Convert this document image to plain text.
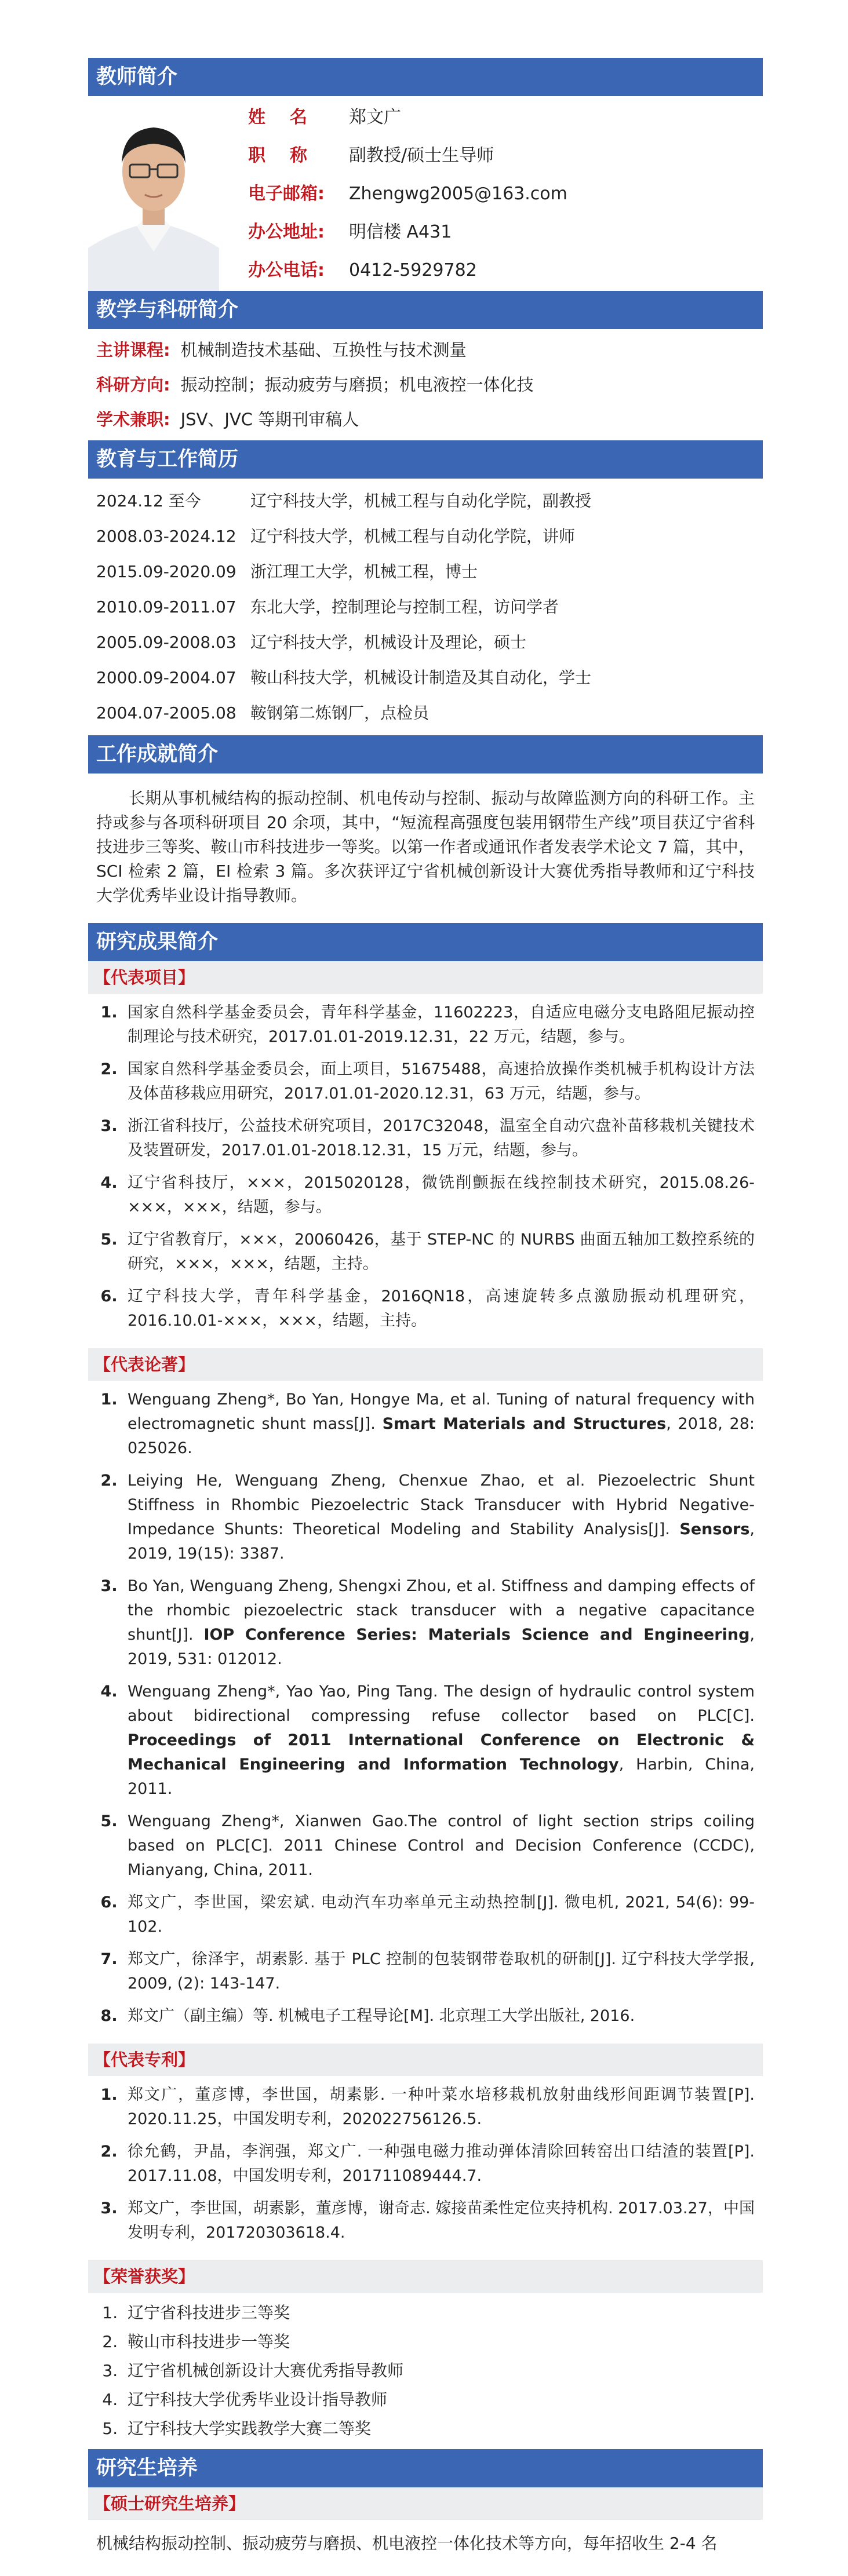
教师简介
姓名 郑文广
职称 副教授/硕士生导师
电子邮箱: Zhengwg2005@163.com
办公地址: 明信楼 A431
办公电话: 0412-5929782
教学与科研简介
主讲课程: 机械制造技术基础、互换性与技术测量
科研方向: 振动控制；振动疲劳与磨损；机电液控一体化技
学术兼职: JSV、JVC 等期刊审稿人
教育与工作简历
2024.12 至今	辽宁科技大学，机械工程与自动化学院，副教授
2008.03-2024.12 辽宁科技大学，机械工程与自动化学院，讲师
2015.09-2020.09 浙江理工大学，机械工程，博士
2010.09-2011.07 东北大学，控制理论与控制工程，访问学者
2005.09-2008.03 辽宁科技大学，机械设计及理论，硕士
2000.09-2004.07 鞍山科技大学，机械设计制造及其自动化，学士
2004.07-2005.08 鞍钢第二炼钢厂，点检员
工作成就简介
长期从事机械结构的振动控制、机电传动与控制、振动与故障监测方向的科研工作。主持或参与各项科研项目 20 余项，其中，“短流程高强度包装用钢带生产线”项目获辽宁省科技进步三等奖、鞍山市科技进步一等奖。以第一作者或通讯作者发表学术论文 7 篇，其中，SCI 检索 2 篇，EI 检索 3 篇。多次获评辽宁省机械创新设计大赛优秀指导教师和辽宁科技大学优秀毕业设计指导教师。
研究成果简介
【代表项目】
1. 国家自然科学基金委员会，青年科学基金，11602223，自适应电磁分支电路阻尼振动控制理论与技术研究，2017.01.01-2019.12.31，22 万元，结题，参与。
2. 国家自然科学基金委员会，面上项目，51675488，高速拾放操作类机械手机构设计方法及体苗移栽应用研究，2017.01.01-2020.12.31，63 万元，结题，参与。
3. 浙江省科技厅，公益技术研究项目，2017C32048，温室全自动穴盘补苗移栽机关键技术及装置研发，2017.01.01-2018.12.31，15 万元，结题，参与。
4. 辽宁省科技厅，×××，2015020128，微铣削颤振在线控制技术研究，2015.08.26-×××，×××，结题，参与。
5. 辽宁省教育厅，×××，20060426，基于 STEP-NC 的 NURBS 曲面五轴加工数控系统的研究，×××，×××，结题，主持。
6. 辽宁科技大学，青年科学基金，2016QN18，高速旋转多点激励振动机理研究，2016.10.01-×××，×××，结题，主持。
【代表论著】
1. Wenguang Zheng*, Bo Yan, Hongye Ma, et al. Tuning of natural frequency with electromagnetic shunt mass[J]. Smart Materials and Structures, 2018, 28: 025026.
2. Leiying He, Wenguang Zheng, Chenxue Zhao, et al. Piezoelectric Shunt Stiffness in Rhombic Piezoelectric Stack Transducer with Hybrid Negative-Impedance Shunts: Theoretical Modeling and Stability Analysis[J]. Sensors, 2019, 19(15): 3387.
3. Bo Yan, Wenguang Zheng, Shengxi Zhou, et al. Stiffness and damping effects of the rhombic piezoelectric stack transducer with a negative capacitance shunt[J]. IOP Conference Series: Materials Science and Engineering, 2019, 531: 012012.
4. Wenguang Zheng*, Yao Yao, Ping Tang. The design of hydraulic control system about bidirectional compressing refuse collector based on PLC[C]. Proceedings of 2011 International Conference on Electronic & Mechanical Engineering and Information Technology, Harbin, China, 2011.
5. Wenguang Zheng*, Xianwen Gao.The control of light section strips coiling based on PLC[C]. 2011 Chinese Control and Decision Conference (CCDC), Mianyang, China, 2011.
6. 郑文广，李世国，梁宏斌. 电动汽车功率单元主动热控制[J]. 微电机, 2021, 54(6): 99-102.
7. 郑文广，徐泽宇，胡素影. 基于 PLC 控制的包装钢带卷取机的研制[J]. 辽宁科技大学学报, 2009, (2): 143-147.
8. 郑文广（副主编）等. 机械电子工程导论[M]. 北京理工大学出版社, 2016.
【代表专利】
1. 郑文广，董彦博，李世国，胡素影. 一种叶菜水培移栽机放射曲线形间距调节装置[P]. 2020.11.25，中国发明专利，202022756126.5.
2. 徐允鹤，尹晶，李润强，郑文广. 一种强电磁力推动弹体清除回转窑出口结渣的装置[P]. 2017.11.08，中国发明专利，201711089444.7.
3. 郑文广，李世国，胡素影，董彦博，谢奇志. 嫁接苗柔性定位夹持机构. 2017.03.27，中国发明专利，201720303618.4.
【荣誉获奖】
1. 辽宁省科技进步三等奖
2. 鞍山市科技进步一等奖
3. 辽宁省机械创新设计大赛优秀指导教师
4. 辽宁科技大学优秀毕业设计指导教师
5. 辽宁科技大学实践教学大赛二等奖
研究生培养
【硕士研究生培养】
机械结构振动控制、振动疲劳与磨损、机电液控一体化技术等方向，每年招收生 2-4 名
